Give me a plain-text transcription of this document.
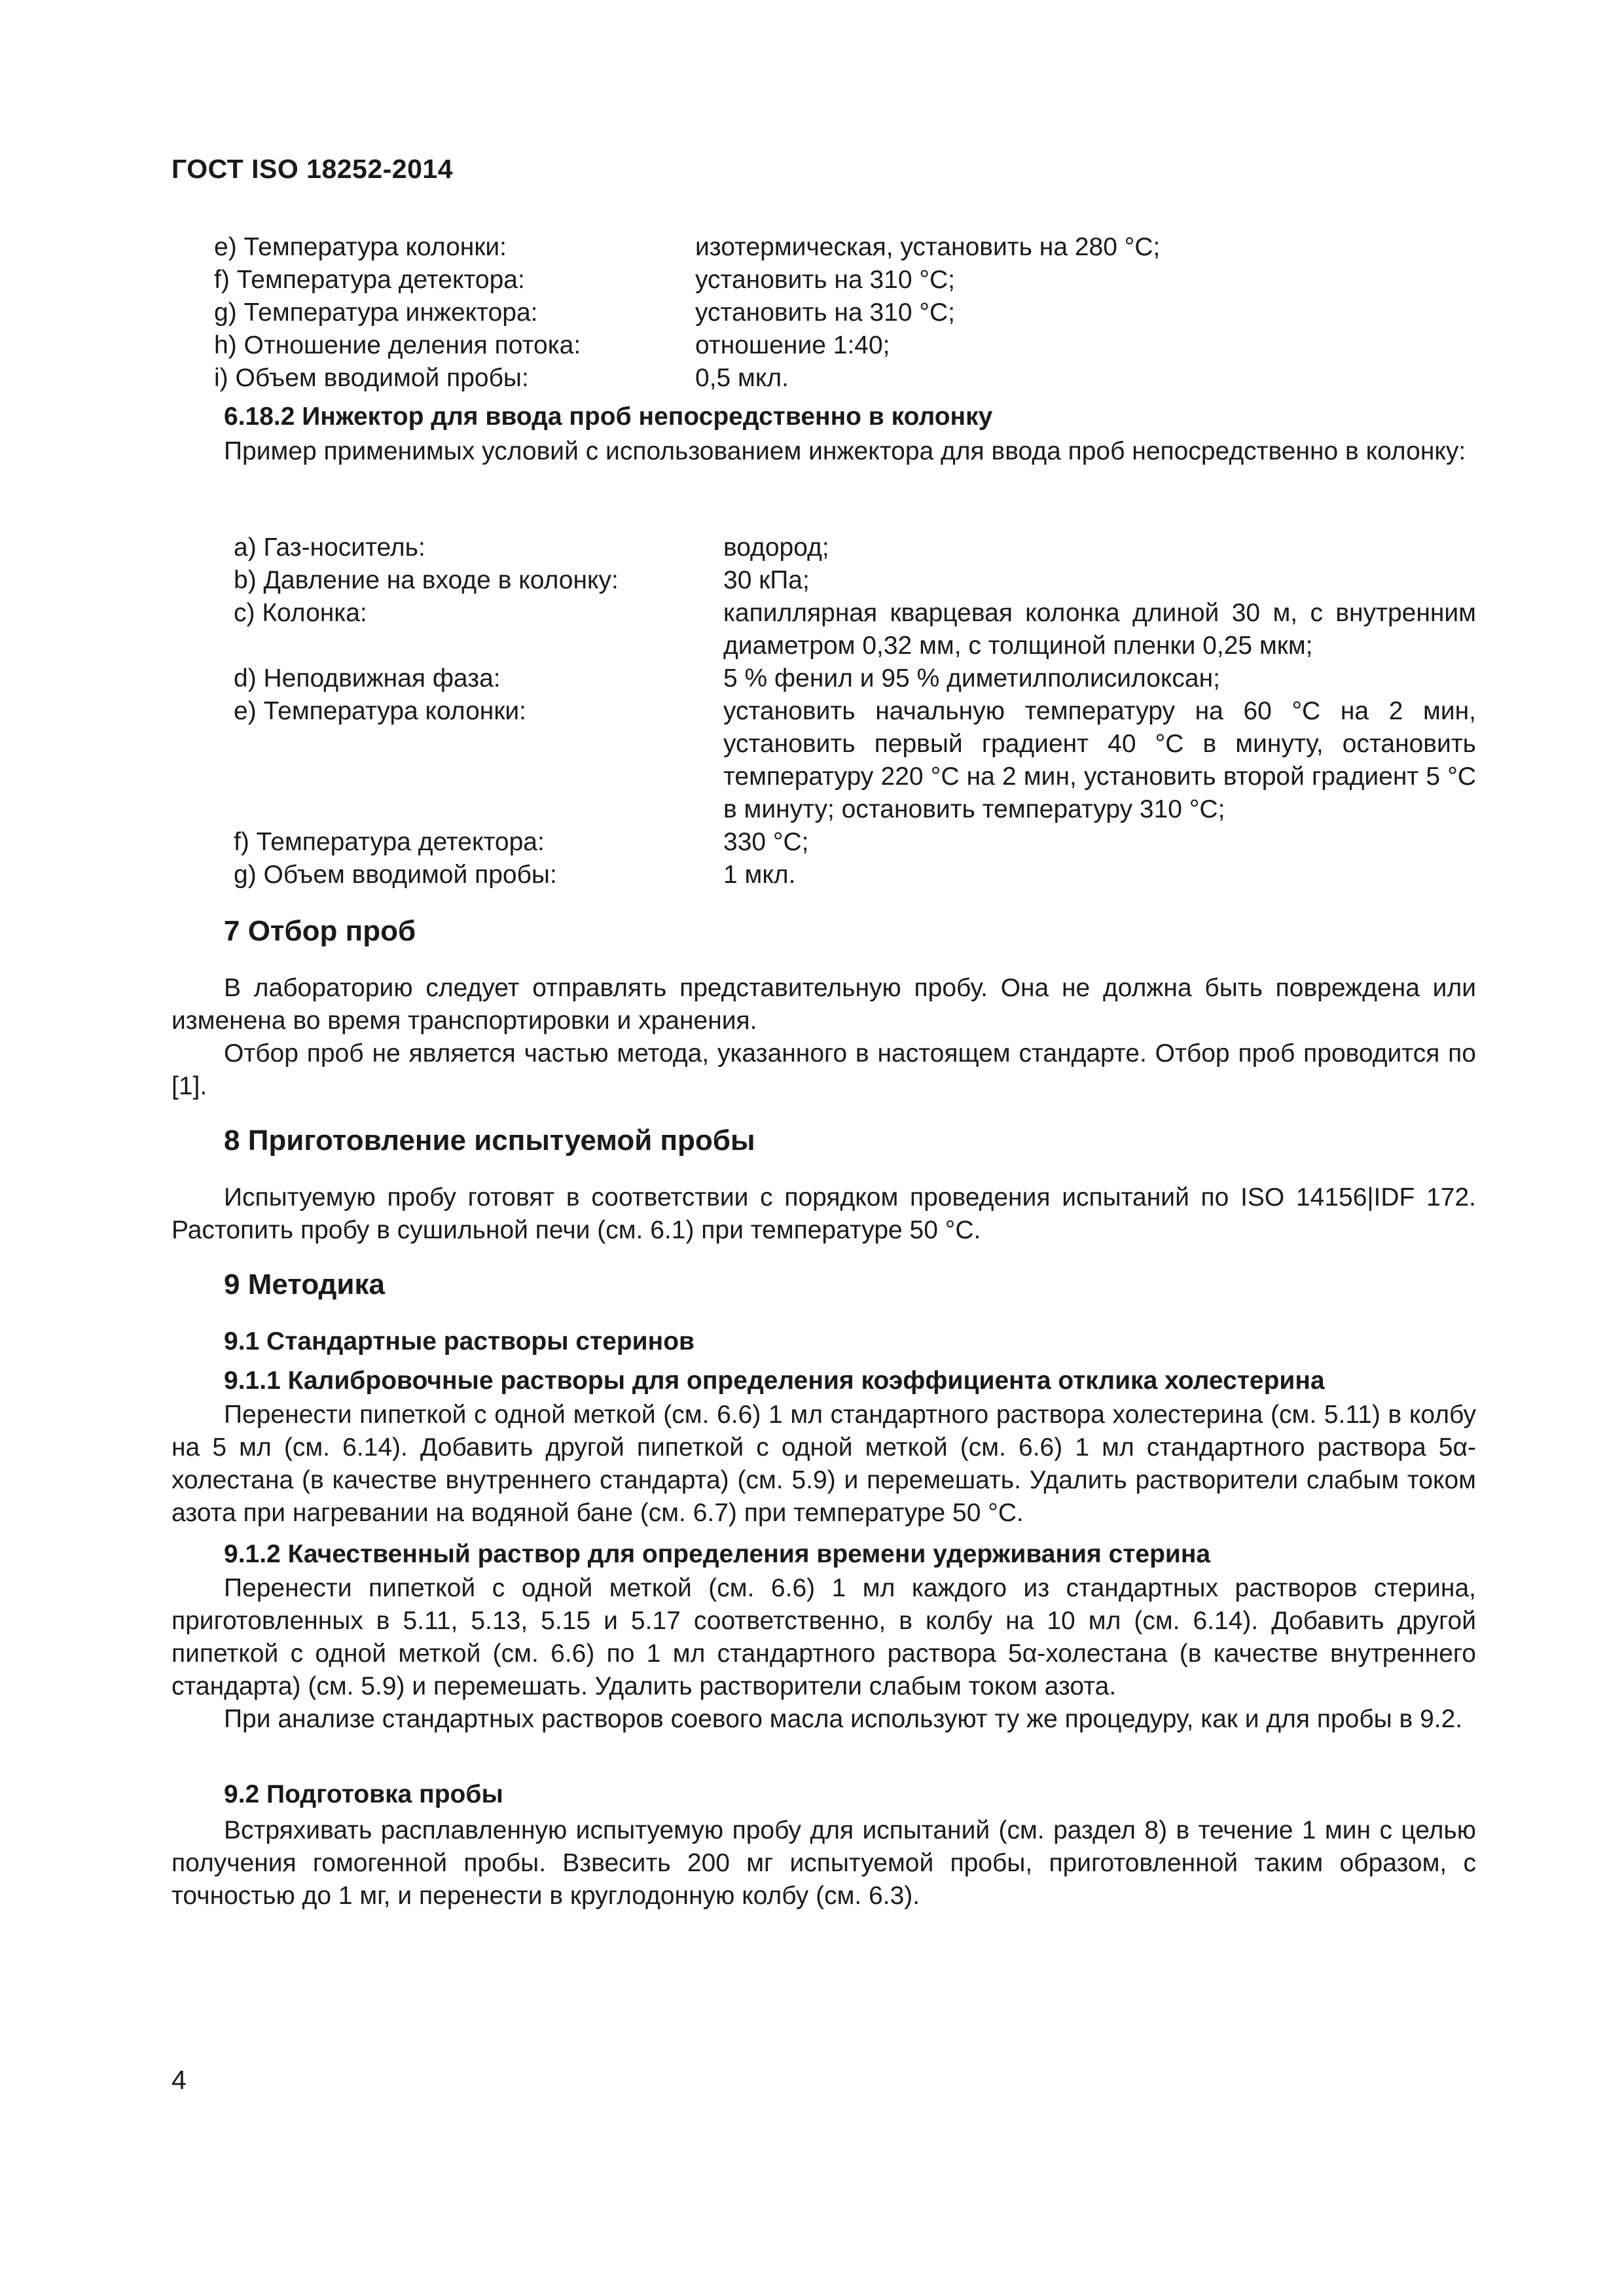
ГОСТ ISO 18252-2014
e) Температура колонки:	изотермическая, установить на 280 °C;
f) Температура детектора:	установить на 310 °C;
g) Температура инжектора:	установить на 310 °C;
h) Отношение деления потока:	отношение 1:40;
i) Объем вводимой пробы:	0,5 мкл.
6.18.2 Инжектор для ввода проб непосредственно в колонку
Пример применимых условий с использованием инжектора для ввода проб непосредственно в колонку:
a) Газ-носитель:	водород;
b) Давление на входе в колонку:	30 кПа;
c) Колонка:	капиллярная кварцевая колонка длиной 30 м, с внутренним диаметром 0,32 мм, с толщиной пленки 0,25 мкм;
d) Неподвижная фаза:	5 % фенил и 95 % диметилполисилоксан;
e) Температура колонки:	установить начальную температуру на 60 °C на 2 мин, установить первый градиент 40 °C в минуту, остановить температуру 220 °C на 2 мин, установить второй градиент 5 °C в минуту; остановить температуру 310 °C;
f) Температура детектора:	330 °C;
g) Объем вводимой пробы:	1 мкл.
7 Отбор проб
В лабораторию следует отправлять представительную пробу. Она не должна быть повреждена или изменена во время транспортировки и хранения.
Отбор проб не является частью метода, указанного в настоящем стандарте. Отбор проб проводится по [1].
8 Приготовление испытуемой пробы
Испытуемую пробу готовят в соответствии с порядком проведения испытаний по ISO 14156|IDF 172. Растопить пробу в сушильной печи (см. 6.1) при температуре 50 °C.
9 Методика
9.1 Стандартные растворы стеринов
9.1.1 Калибровочные растворы для определения коэффициента отклика холестерина
Перенести пипеткой с одной меткой (см. 6.6) 1 мл стандартного раствора холестерина (см. 5.11) в колбу на 5 мл (см. 6.14). Добавить другой пипеткой с одной меткой (см. 6.6) 1 мл стандартного раствора 5α-холестана (в качестве внутреннего стандарта) (см. 5.9) и перемешать. Удалить растворители слабым током азота при нагревании на водяной бане (см. 6.7) при температуре 50 °C.
9.1.2 Качественный раствор для определения времени удерживания стерина
Перенести пипеткой с одной меткой (см. 6.6) 1 мл каждого из стандартных растворов стерина, приготовленных в 5.11, 5.13, 5.15 и 5.17 соответственно, в колбу на 10 мл (см. 6.14). Добавить другой пипеткой с одной меткой (см. 6.6) по 1 мл стандартного раствора 5α-холестана (в качестве внутреннего стандарта) (см. 5.9) и перемешать. Удалить растворители слабым током азота.
При анализе стандартных растворов соевого масла используют ту же процедуру, как и для пробы в 9.2.
9.2 Подготовка пробы
Встряхивать расплавленную испытуемую пробу для испытаний (см. раздел 8) в течение 1 мин с целью получения гомогенной пробы. Взвесить 200 мг испытуемой пробы, приготовленной таким образом, с точностью до 1 мг, и перенести в круглодонную колбу (см. 6.3).
4
